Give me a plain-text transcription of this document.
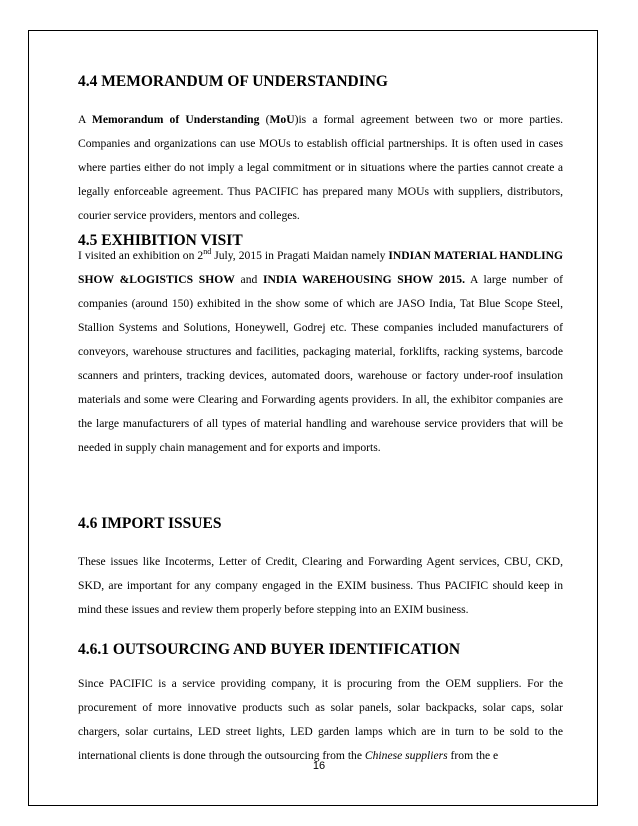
4.4 MEMORANDUM OF UNDERSTANDING

A Memorandum of Understanding (MoU)is a formal agreement between two or more parties. Companies and organizations can use MOUs to establish official partnerships. It is often used in cases where parties either do not imply a legal commitment or in situations where the parties cannot create a legally enforceable agreement. Thus PACIFIC has prepared many MOUs with suppliers, distributors, courier service providers, mentors and colleges.

4.5 EXHIBITION VISIT

I visited an exhibition on 2nd July, 2015 in Pragati Maidan namely INDIAN MATERIAL HANDLING SHOW &LOGISTICS SHOW and INDIA WAREHOUSING SHOW 2015. A large number of companies (around 150) exhibited in the show some of which are JASO India, Tat Blue Scope Steel, Stallion Systems and Solutions, Honeywell, Godrej etc. These companies included manufacturers of conveyors, warehouse structures and facilities, packaging material, forklifts, racking systems, barcode scanners and printers, tracking devices, automated doors, warehouse or factory under-roof insulation materials and some were Clearing and Forwarding agents providers. In all, the exhibitor companies are the large manufacturers of all types of material handling and warehouse service providers that will be needed in supply chain management and for exports and imports.

4.6 IMPORT ISSUES

These issues like Incoterms, Letter of Credit, Clearing and Forwarding Agent services, CBU, CKD, SKD, are important for any company engaged in the EXIM business. Thus PACIFIC should keep in mind these issues and review them properly before stepping into an EXIM business.

4.6.1 OUTSOURCING AND BUYER IDENTIFICATION

Since PACIFIC is a service providing company, it is procuring from the OEM suppliers. For the procurement of more innovative products such as solar panels, solar backpacks, solar caps, solar chargers, solar curtains, LED street lights, LED garden lamps which are in turn to be sold to the international clients is done through the outsourcing from the Chinese suppliers from the e

16
